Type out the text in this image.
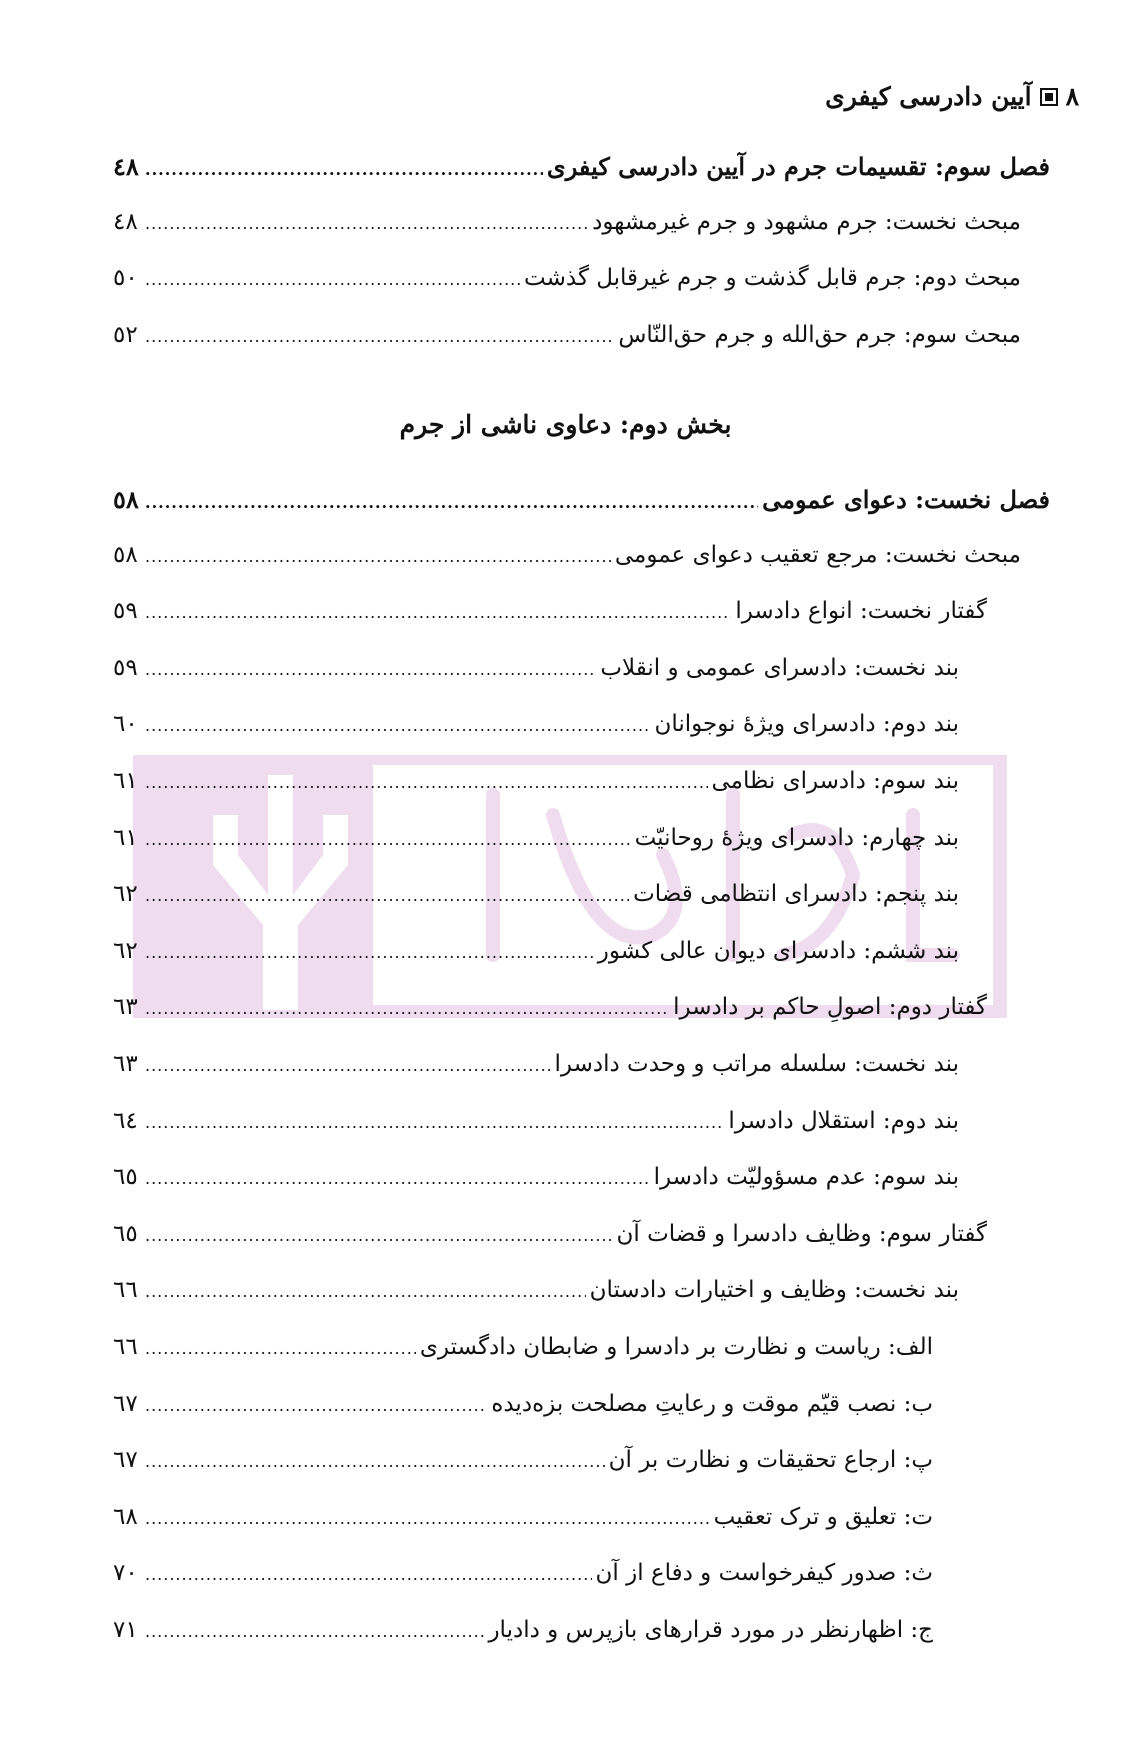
٨
آیین دادرسی کیفری
فصل سوم: تقسیمات جرم در آیین دادرسی کیفری
.....
٤٨
مبحث نخست: جرم مشهود و جرم غیرمشهود
.....
٤٨
مبحث دوم: جرم قابل گذشت و جرم غیرقابل گذشت
.....
٥٠
مبحث سوم: جرم حق‌الله و جرم حق‌النّاس
.....
٥٢
بخش دوم: دعاوی ناشی از جرم
فصل نخست: دعوای عمومی
.....
٥٨
مبحث نخست: مرجع تعقیب دعوای عمومی
.....
٥٨
گفتار نخست: انواع دادسرا
.....
٥٩
بند نخست: دادسرای عمومی و انقلاب
.....
٥٩
بند دوم: دادسرای ویژهٔ نوجوانان
.....
٦٠
بند سوم: دادسرای نظامی
.....
٦١
بند چهارم: دادسرای ویژهٔ روحانیّت
.....
٦١
بند پنجم: دادسرای انتظامی قضات
.....
٦٢
بند ششم: دادسرای دیوان عالی کشور
.....
٦٢
گفتار دوم: اصولِ حاکم بر دادسرا
.....
٦٣
بند نخست: سلسله مراتب و وحدت دادسرا
.....
٦٣
بند دوم: استقلال دادسرا
.....
٦٤
بند سوم: عدم مسؤولیّت دادسرا
.....
٦٥
گفتار سوم: وظایف دادسرا و قضات آن
.....
٦٥
بند نخست: وظایف و اختیارات دادستان
.....
٦٦
الف: ریاست و نظارت بر دادسرا و ضابطان دادگستری
.....
٦٦
ب: نصب قیّم موقت و رعایتِ مصلحت بزه‌دیده
.....
٦٧
پ: ارجاع تحقیقات و نظارت بر آن
.....
٦٧
ت: تعلیق و ترک تعقیب
.....
٦٨
ث: صدور کیفرخواست و دفاع از آن
.....
٧٠
ج: اظهارنظر در مورد قرارهای بازپرس و دادیار
.....
٧١
